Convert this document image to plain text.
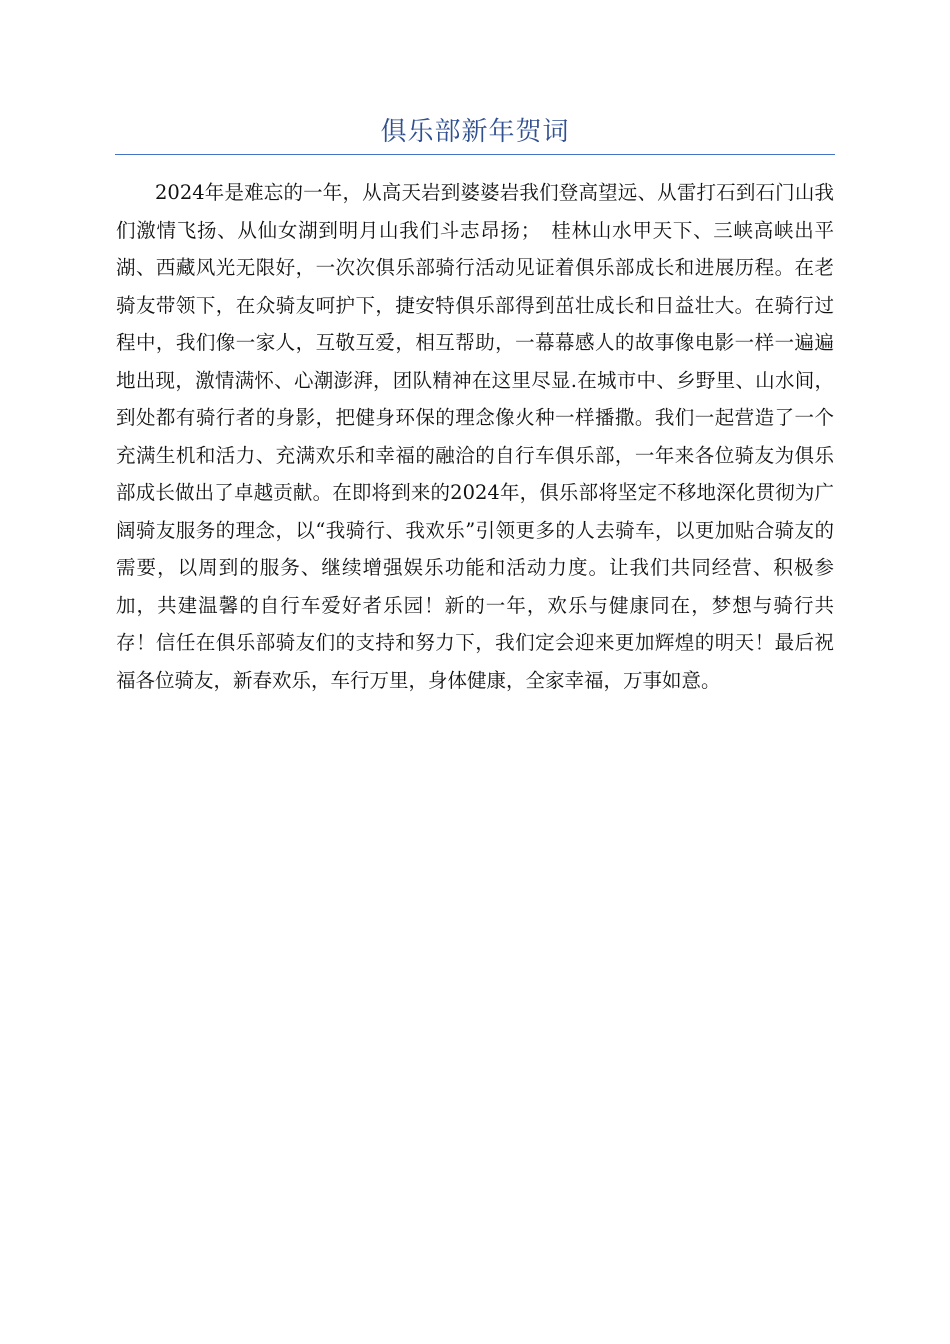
俱乐部新年贺词

2024年是难忘的一年，从高天岩到婆婆岩我们登高望远、从雷打石到石门山我们激情飞扬、从仙女湖到明月山我们斗志昂扬；　桂林山水甲天下、三峡高峡出平湖、西藏风光无限好，一次次俱乐部骑行活动见证着俱乐部成长和进展历程。在老骑友带领下，在众骑友呵护下，捷安特俱乐部得到茁壮成长和日益壮大。在骑行过程中，我们像一家人，互敬互爱，相互帮助，一幕幕感人的故事像电影一样一遍遍地出现，激情满怀、心潮澎湃，团队精神在这里尽显.在城市中、乡野里、山水间，到处都有骑行者的身影，把健身环保的理念像火种一样播撒。我们一起营造了一个充满生机和活力、充满欢乐和幸福的融洽的自行车俱乐部，一年来各位骑友为俱乐部成长做出了卓越贡献。在即将到来的2024年，俱乐部将坚定不移地深化贯彻为广阔骑友服务的理念，以“我骑行、我欢乐”引领更多的人去骑车，以更加贴合骑友的需要，以周到的服务、继续增强娱乐功能和活动力度。让我们共同经营、积极参加，共建温馨的自行车爱好者乐园！新的一年，欢乐与健康同在，梦想与骑行共存！信任在俱乐部骑友们的支持和努力下，我们定会迎来更加辉煌的明天！最后祝福各位骑友，新春欢乐，车行万里，身体健康，全家幸福，万事如意。
